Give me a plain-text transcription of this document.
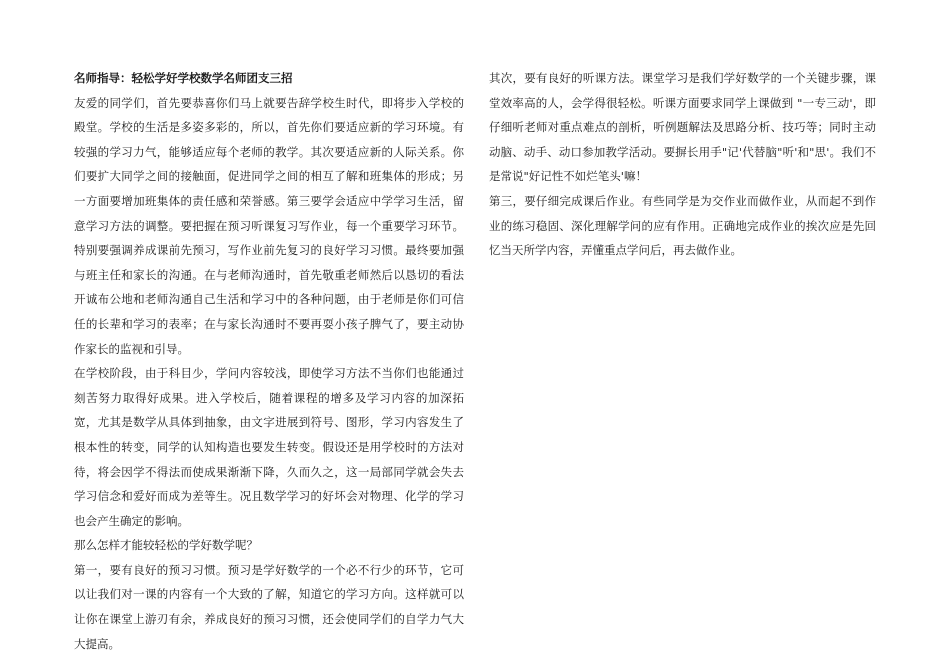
名师指导：轻松学好学校数学名师团支三招

友爱的同学们，首先要恭喜你们马上就要告辞学校生时代，即将步入学校的殿堂。学校的生活是多姿多彩的，所以，首先你们要适应新的学习环境。有较强的学习力气，能够适应每个老师的教学。其次要适应新的人际关系。你们要扩大同学之间的接触面，促进同学之间的相互了解和班集体的形成；另一方面要增加班集体的责任感和荣誉感。第三要学会适应中学学习生活，留意学习方法的调整。要把握在预习听课复习写作业，每一个重要学习环节。特别要强调养成课前先预习，写作业前先复习的良好学习习惯。最终要加强与班主任和家长的沟通。在与老师沟通时，首先敬重老师然后以恳切的看法开诚布公地和老师沟通自己生活和学习中的各种问题，由于老师是你们可信任的长辈和学习的表率；在与家长沟通时不要再耍小孩子脾气了，要主动协作家长的监视和引导。

在学校阶段，由于科目少，学问内容较浅，即使学习方法不当你们也能通过刻苦努力取得好成果。进入学校后，随着课程的增多及学习内容的加深拓宽，尤其是数学从具体到抽象，由文字进展到符号、图形，学习内容发生了根本性的转变，同学的认知构造也要发生转变。假设还是用学校时的方法对待，将会因学不得法而使成果渐渐下降，久而久之，这一局部同学就会失去学习信念和爱好而成为差等生。况且数学学习的好坏会对物理、化学的学习也会产生确定的影响。

那么怎样才能较轻松的学好数学呢？

第一，要有良好的预习习惯。预习是学好数学的一个必不行少的环节，它可以让我们对一课的内容有一个大致的了解，知道它的学习方向。这样就可以让你在课堂上游刃有余，养成良好的预习习惯，还会使同学们的自学力气大大提高。

其次，要有良好的听课方法。课堂学习是我们学好数学的一个关键步骤，课堂效率高的人，会学得很轻松。听课方面要求同学上课做到 "一专三动'，即仔细听老师对重点难点的剖析，听例题解法及思路分析、技巧等；同时主动动脑、动手、动口参加教学活动。要摒长用手"记'代替脑"听'和"思'。我们不是常说"好记性不如烂笔头'嘛！

第三，要仔细完成课后作业。有些同学是为交作业而做作业，从而起不到作业的练习稳固、深化理解学问的应有作用。正确地完成作业的挨次应是先回忆当天所学内容，弄懂重点学问后，再去做作业。
